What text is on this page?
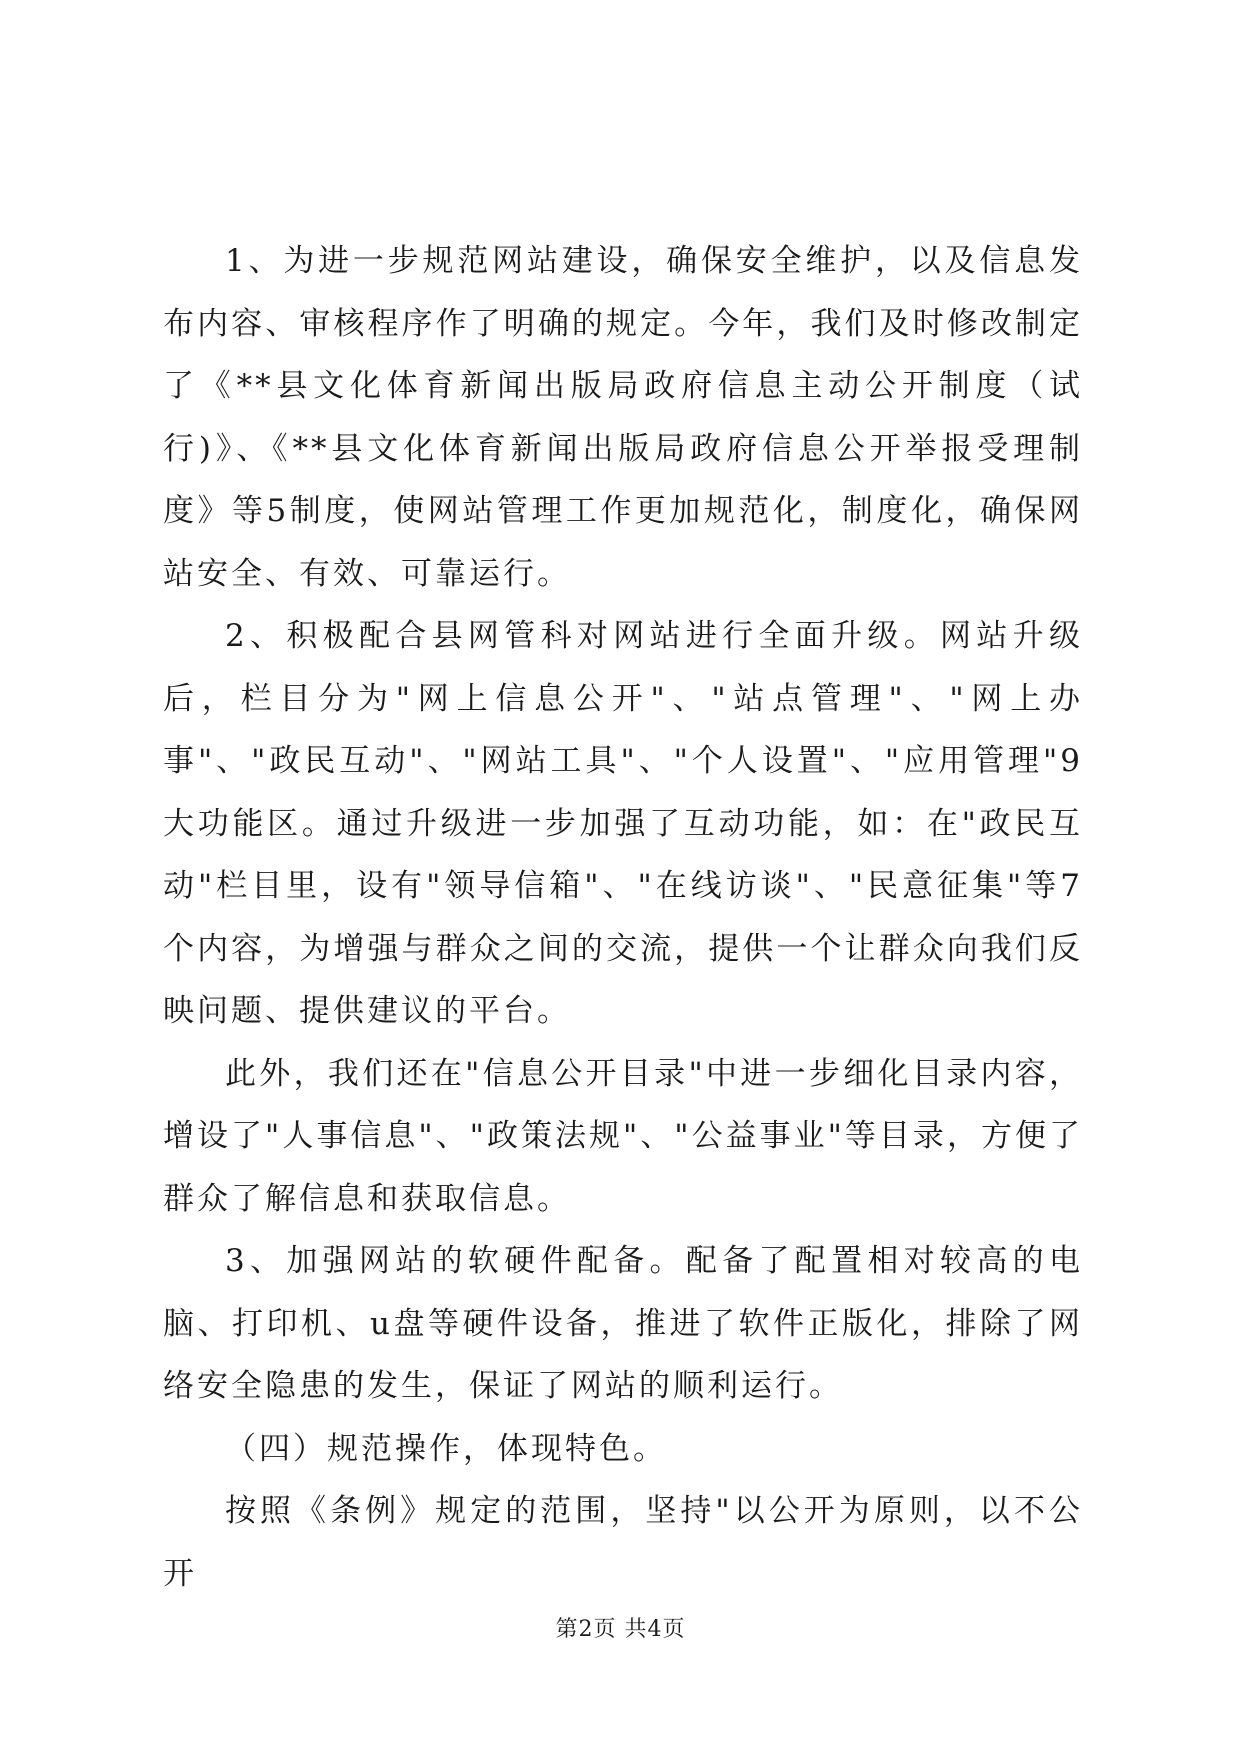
1、为进一步规范网站建设，确保安全维护，以及信息发布内容、审核程序作了明确的规定。今年，我们及时修改制定了《**县文化体育新闻出版局政府信息主动公开制度（试行)》、《**县文化体育新闻出版局政府信息公开举报受理制度》等5制度，使网站管理工作更加规范化，制度化，确保网站安全、有效、可靠运行。

2、积极配合县网管科对网站进行全面升级。网站升级后，栏目分为"网上信息公开"、"站点管理"、"网上办事"、"政民互动"、"网站工具"、"个人设置"、"应用管理"9大功能区。通过升级进一步加强了互动功能，如：在"政民互动"栏目里，设有"领导信箱"、"在线访谈"、"民意征集"等7个内容，为增强与群众之间的交流，提供一个让群众向我们反映问题、提供建议的平台。

此外，我们还在"信息公开目录"中进一步细化目录内容，增设了"人事信息"、"政策法规"、"公益事业"等目录，方便了群众了解信息和获取信息。

3、加强网站的软硬件配备。配备了配置相对较高的电脑、打印机、u盘等硬件设备，推进了软件正版化，排除了网络安全隐患的发生，保证了网站的顺利运行。

（四）规范操作，体现特色。

按照《条例》规定的范围，坚持"以公开为原则，以不公开

第2页 共4页
